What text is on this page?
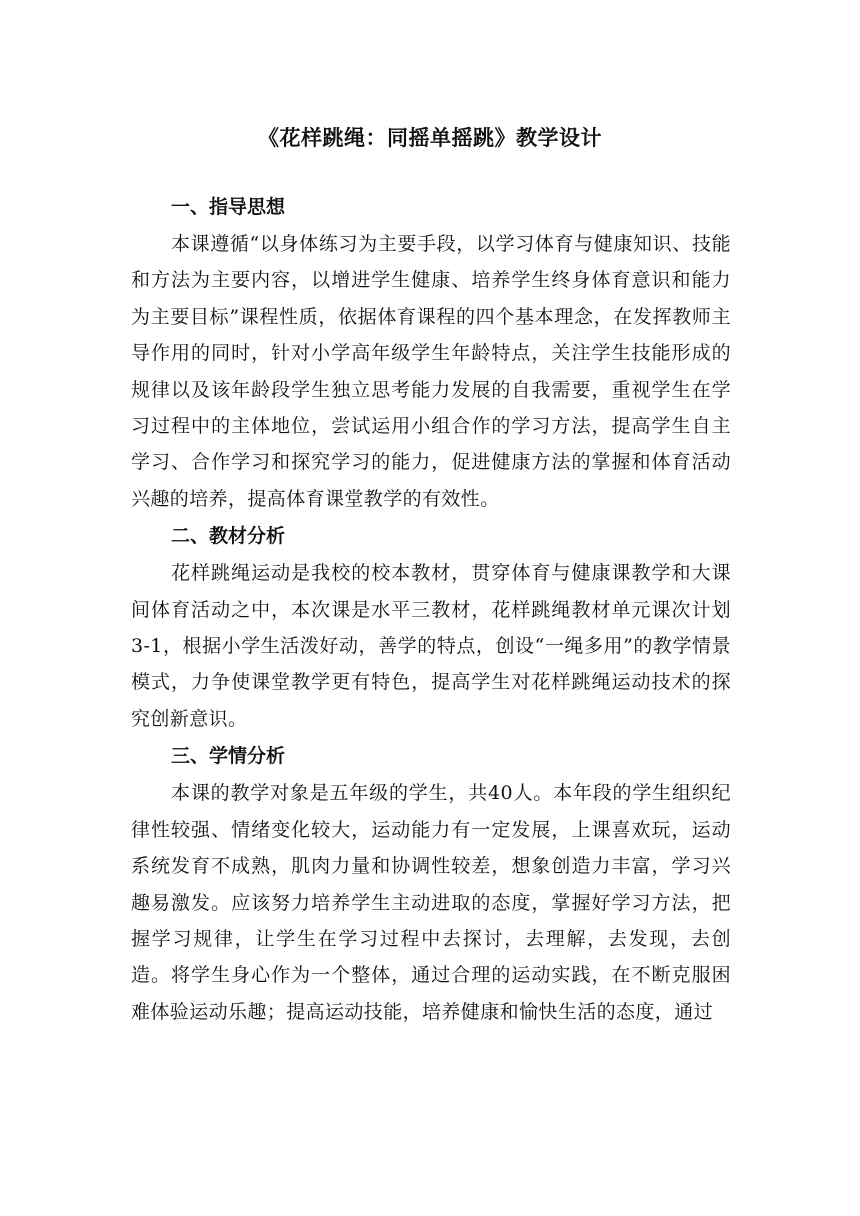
《花样跳绳：同摇单摇跳》教学设计
一、指导思想

本课遵循“以身体练习为主要手段，以学习体育与健康知识、技能和方法为主要内容，以增进学生健康、培养学生终身体育意识和能力为主要目标”课程性质，依据体育课程的四个基本理念，在发挥教师主导作用的同时，针对小学高年级学生年龄特点，关注学生技能形成的规律以及该年龄段学生独立思考能力发展的自我需要，重视学生在学习过程中的主体地位，尝试运用小组合作的学习方法，提高学生自主学习、合作学习和探究学习的能力，促进健康方法的掌握和体育活动兴趣的培养，提高体育课堂教学的有效性。

二、教材分析

花样跳绳运动是我校的校本教材，贯穿体育与健康课教学和大课间体育活动之中，本次课是水平三教材，花样跳绳教材单元课次计划3-1，根据小学生活泼好动，善学的特点，创设“一绳多用”的教学情景模式，力争使课堂教学更有特色，提高学生对花样跳绳运动技术的探究创新意识。

三、学情分析

本课的教学对象是五年级的学生，共40人。本年段的学生组织纪律性较强、情绪变化较大，运动能力有一定发展，上课喜欢玩，运动系统发育不成熟，肌肉力量和协调性较差，想象创造力丰富，学习兴趣易激发。应该努力培养学生主动进取的态度，掌握好学习方法，把握学习规律，让学生在学习过程中去探讨，去理解，去发现，去创造。将学生身心作为一个整体，通过合理的运动实践，在不断克服困难体验运动乐趣；提高运动技能，培养健康和愉快生活的态度，通过
